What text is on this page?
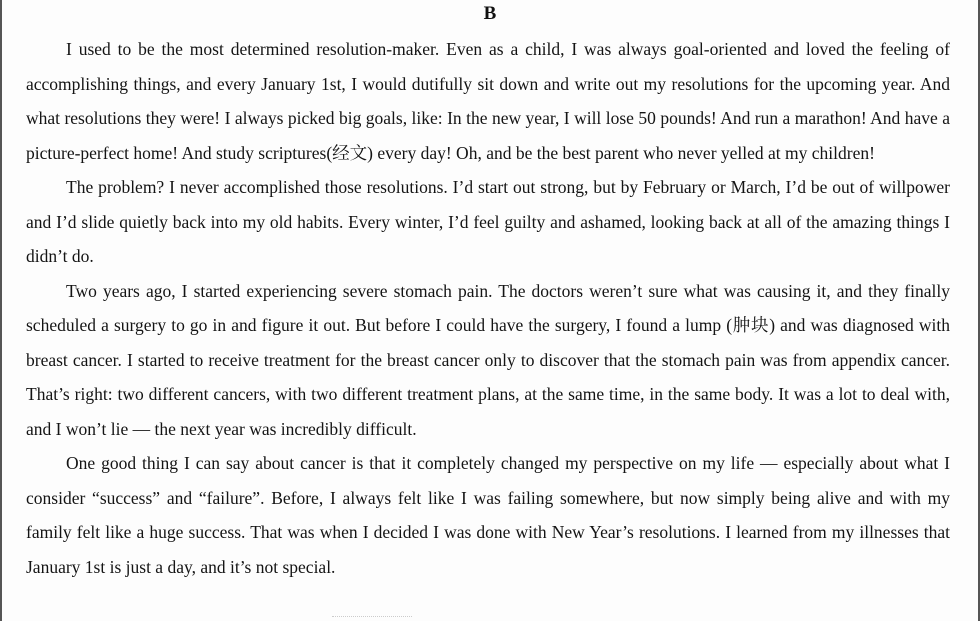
B

I used to be the most determined resolution-maker. Even as a child, I was always goal-oriented and loved the feeling of accomplishing things, and every January 1st, I would dutifully sit down and write out my resolutions for the upcoming year. And what resolutions they were! I always picked big goals, like: In the new year, I will lose 50 pounds! And run a marathon! And have a picture-perfect home! And study scriptures(经文) every day! Oh, and be the best parent who never yelled at my children!

The problem? I never accomplished those resolutions. I’d start out strong, but by February or March, I’d be out of willpower and I’d slide quietly back into my old habits. Every winter, I’d feel guilty and ashamed, looking back at all of the amazing things I didn’t do.

Two years ago, I started experiencing severe stomach pain. The doctors weren’t sure what was causing it, and they finally scheduled a surgery to go in and figure it out. But before I could have the surgery, I found a lump (肿块) and was diagnosed with breast cancer. I started to receive treatment for the breast cancer only to discover that the stomach pain was from appendix cancer. That’s right: two different cancers, with two different treatment plans, at the same time, in the same body. It was a lot to deal with, and I won’t lie — the next year was incredibly difficult.

One good thing I can say about cancer is that it completely changed my perspective on my life — especially about what I consider “success” and “failure”. Before, I always felt like I was failing somewhere, but now simply being alive and with my family felt like a huge success. That was when I decided I was done with New Year’s resolutions. I learned from my illnesses that January 1st is just a day, and it’s not special.
